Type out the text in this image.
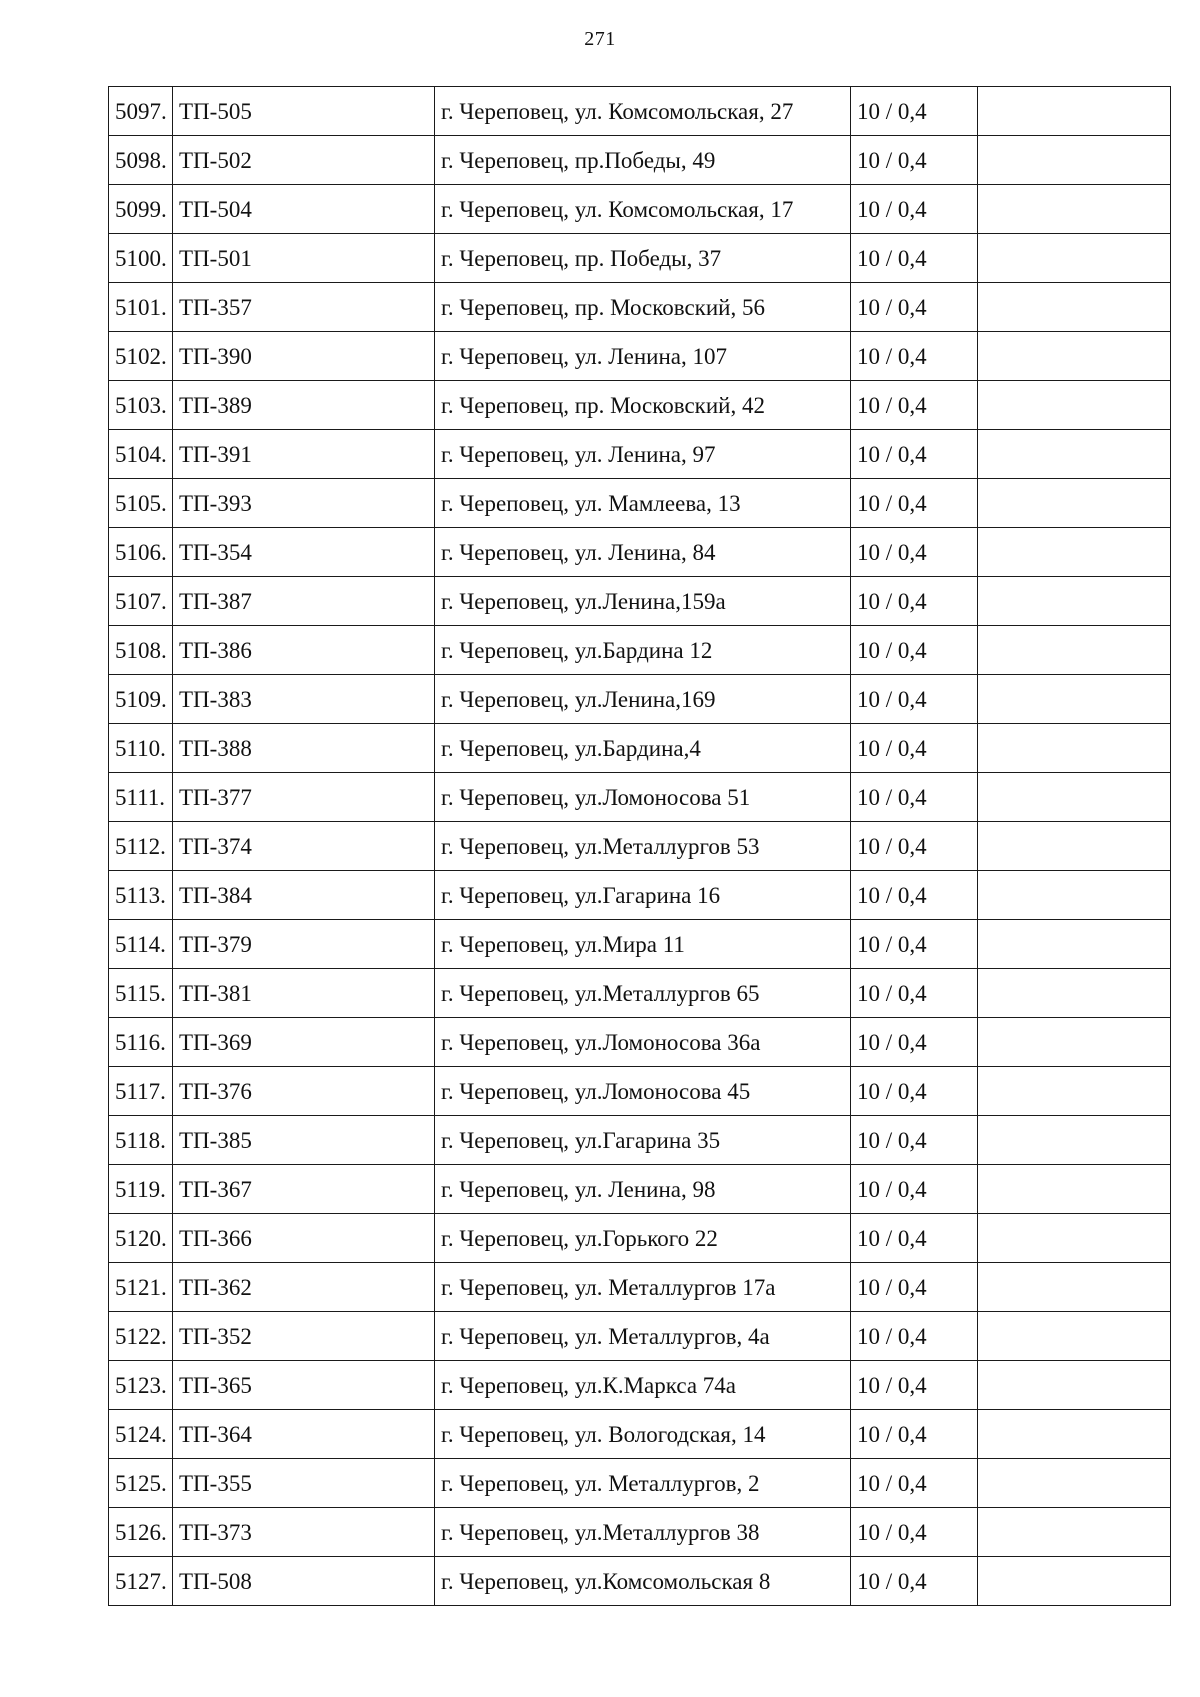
271
5097.	ТП-505	г. Череповец, ул. Комсомольская, 27	10 / 0,4	
5098.	ТП-502	г. Череповец, пр.Победы, 49	10 / 0,4	
5099.	ТП-504	г. Череповец, ул. Комсомольская, 17	10 / 0,4	
5100.	ТП-501	г. Череповец, пр. Победы, 37	10 / 0,4	
5101.	ТП-357	г. Череповец, пр. Московский, 56	10 / 0,4	
5102.	ТП-390	г. Череповец, ул. Ленина, 107	10 / 0,4	
5103.	ТП-389	г. Череповец, пр. Московский, 42	10 / 0,4	
5104.	ТП-391	г. Череповец, ул. Ленина, 97	10 / 0,4	
5105.	ТП-393	г. Череповец, ул. Мамлеева, 13	10 / 0,4	
5106.	ТП-354	г. Череповец, ул. Ленина, 84	10 / 0,4	
5107.	ТП-387	г. Череповец, ул.Ленина,159а	10 / 0,4	
5108.	ТП-386	г. Череповец, ул.Бардина 12	10 / 0,4	
5109.	ТП-383	г. Череповец, ул.Ленина,169	10 / 0,4	
5110.	ТП-388	г. Череповец, ул.Бардина,4	10 / 0,4	
5111.	ТП-377	г. Череповец, ул.Ломоносова 51	10 / 0,4	
5112.	ТП-374	г. Череповец, ул.Металлургов 53	10 / 0,4	
5113.	ТП-384	г. Череповец, ул.Гагарина 16	10 / 0,4	
5114.	ТП-379	г. Череповец, ул.Мира 11	10 / 0,4	
5115.	ТП-381	г. Череповец, ул.Металлургов 65	10 / 0,4	
5116.	ТП-369	г. Череповец, ул.Ломоносова 36а	10 / 0,4	
5117.	ТП-376	г. Череповец, ул.Ломоносова 45	10 / 0,4	
5118.	ТП-385	г. Череповец, ул.Гагарина 35	10 / 0,4	
5119.	ТП-367	г. Череповец, ул. Ленина, 98	10 / 0,4	
5120.	ТП-366	г. Череповец, ул.Горького 22	10 / 0,4	
5121.	ТП-362	г. Череповец, ул. Металлургов 17а	10 / 0,4	
5122.	ТП-352	г. Череповец, ул. Металлургов, 4а	10 / 0,4	
5123.	ТП-365	г. Череповец, ул.К.Маркса 74а	10 / 0,4	
5124.	ТП-364	г. Череповец, ул. Вологодская, 14	10 / 0,4	
5125.	ТП-355	г. Череповец, ул. Металлургов, 2	10 / 0,4	
5126.	ТП-373	г. Череповец, ул.Металлургов 38	10 / 0,4	
5127.	ТП-508	г. Череповец, ул.Комсомольская 8	10 / 0,4	
